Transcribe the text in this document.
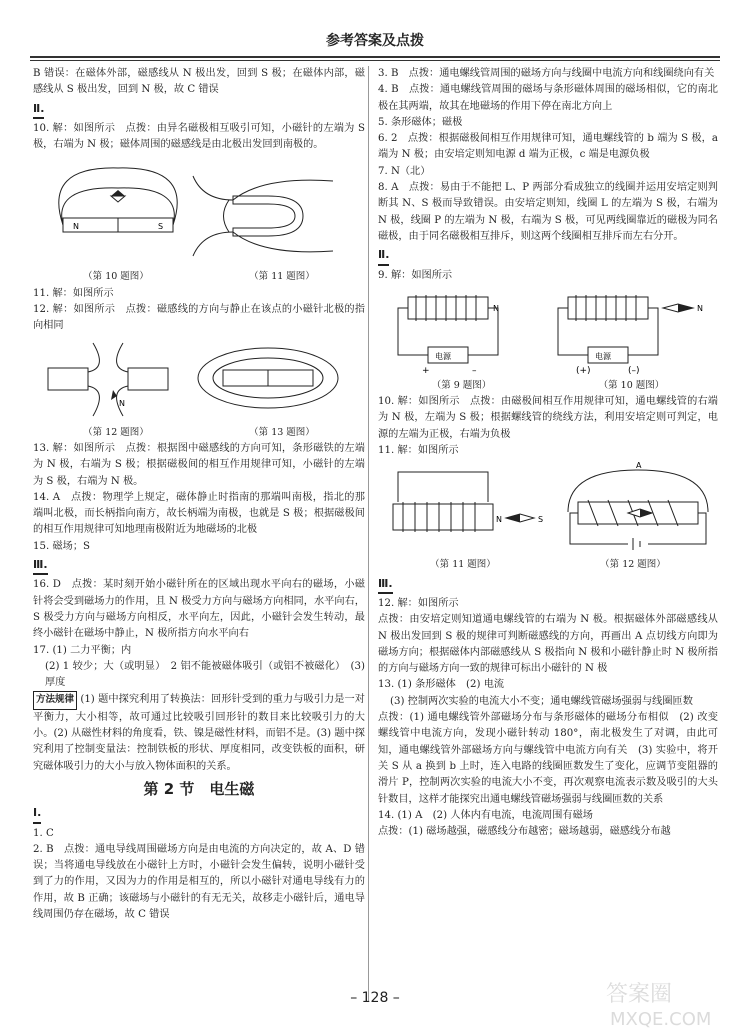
参考答案及点拨

B 错误：在磁体外部，磁感线从 N 极出发，回到 S 极；在磁体内部，磁感线从 S 极出发，回到 N 极，故 C 错误

Ⅱ.

10. 解：如图所示　点拨：由异名磁极相互吸引可知，小磁针的左端为 S 极，右端为 N 极；磁体周围的磁感线是由北极出发回到南极的。

N	S
（第 10 题图）	（第 11 题图）

11. 解：如图所示

12. 解：如图所示　点拨：磁感线的方向与静止在该点的小磁针北极的指向相同

N
（第 12 题图）	（第 13 题图）

13. 解：如图所示　点拨：根据图中磁感线的方向可知，条形磁铁的左端为 N 极，右端为 S 极；根据磁极间的相互作用规律可知，小磁针的左端为 S 极，右端为 N 极。

14. A　点拨：物理学上规定，磁体静止时指南的那端叫南极，指北的那端叫北极，而长柄指向南方，故长柄端为南极，也就是 S 极；根据磁极间的相互作用规律可知地理南极附近为地磁场的北极

15. 磁场；S

Ⅲ.

16. D　点拨：某时刻开始小磁针所在的区域出现水平向右的磁场，小磁针将会受到磁场力的作用，且 N 极受力方向与磁场方向相同，水平向右，S 极受力方向与磁场方向相反，水平向左，因此，小磁针会发生转动，最终小磁针在磁场中静止，N 极所指方向水平向右

17. (1) 二力平衡；内

(2) 1 较少；大（或明显）　2 铝不能被磁体吸引（或铝不被磁化）　(3) 厚度

方法规律 (1) 题中探究利用了转换法：回形针受到的重力与吸引力是一对平衡力，大小相等，故可通过比较吸引回形针的数目来比较吸引力的大小。(2) 从磁性材料的角度看，铁、镍是磁性材料，而铝不是。(3) 题中探究利用了控制变量法：控制铁板的形状、厚度相同，改变铁板的面积，研究磁体吸引力的大小与放入物体面积的关系。

第 2 节　电生磁
Ⅰ.

1. C

2. B　点拨：通电导线周围磁场方向是由电流的方向决定的，故 A、D 错误；当将通电导线放在小磁针上方时，小磁针会发生偏转，说明小磁针受到了力的作用，又因为力的作用是相互的，所以小磁针对通电导线有力的作用，故 B 正确；该磁场与小磁针的有无无关，故移走小磁针后，通电导线周围仍存在磁场，故 C 错误

3. B　点拨：通电螺线管周围的磁场方向与线圈中电流方向和线圈绕向有关

4. B　点拨：通电螺线管周围的磁场与条形磁体周围的磁场相似，它的南北极在其两端，故其在地磁场的作用下停在南北方向上

5. 条形磁体；磁极

6. 2　点拨：根据磁极间相互作用规律可知，通电螺线管的 b 端为 S 极，a 端为 N 极；由安培定则知电源 d 端为正极，c 端是电源负极

7. N（北）

8. A　点拨：易由于不能把 L、P 两部分看成独立的线圈并运用安培定则判断其 N、S 极而导致错误。由安培定则知，线圈 L 的左端为 S 极，右端为 N 极，线圈 P 的左端为 N 极，右端为 S 极，可见两线圈靠近的磁极为同名磁极，由于同名磁极相互排斥，则这两个线圈相互排斥而左右分开。

Ⅱ.

9. 解：如图所示

N
电源
+	–
N
电源
(+)	(–)
（第 9 题图）	（第 10 题图）

10. 解：如图所示　点拨：由磁极间相互作用规律可知，通电螺线管的右端为 N 极，左端为 S 极；根据螺线管的绕线方法，利用安培定则可判定，电源的左端为正极，右端为负极

11. 解：如图所示

N	S
A
（第 11 题图）	（第 12 题图）
Ⅲ.

12. 解：如图所示

点拨：由安培定则知道通电螺线管的右端为 N 极。根据磁体外部磁感线从 N 极出发回到 S 极的规律可判断磁感线的方向，再画出 A 点切线方向即为磁场方向；根据磁体内部磁感线从 S 极指向 N 极和小磁针静止时 N 极所指的方向与磁场方向一致的规律可标出小磁针的 N 极

13. (1) 条形磁体　(2) 电流

(3) 控制两次实验的电流大小不变；通电螺线管磁场强弱与线圈匝数

点拨：(1) 通电螺线管外部磁场分布与条形磁体的磁场分布相似　(2) 改变螺线管中电流方向，发现小磁针转动 180°，南北极发生了对调，由此可知，通电螺线管外部磁场方向与螺线管中电流方向有关　(3) 实验中，将开关 S 从 a 换到 b 上时，连入电路的线圈匝数发生了变化，应调节变阻器的滑片 P，控制两次实验的电流大小不变，再次观察电流表示数及吸引的大头针数目，这样才能探究出通电螺线管磁场强弱与线圈匝数的关系

14. (1) A　(2) 人体内有电流，电流周围有磁场

点拨：(1) 磁场越强，磁感线分布越密；磁场越弱，磁感线分布越

– 128 –	答案圈
MXQE.COM
